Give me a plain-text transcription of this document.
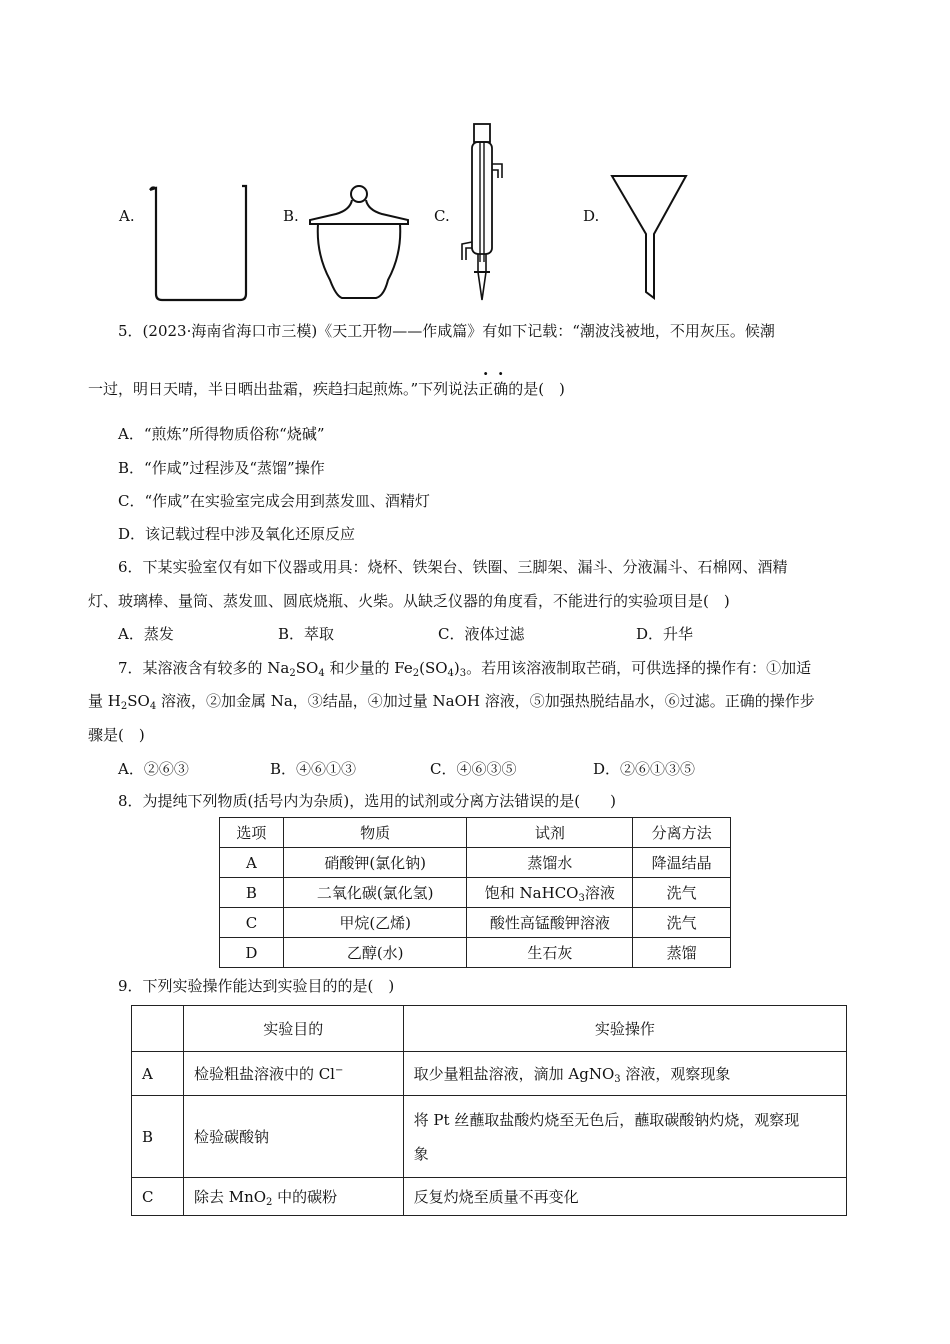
A.	B.	C.	D.
5．(2023·海南省海口市三模)《天工开物——作咸篇》有如下记载：“潮波浅被地，不用灰压。候潮
一过，明日天晴，半日晒出盐霜，疾趋扫起煎炼。”下列说法正确的是(　)
A．“煎炼”所得物质俗称“烧碱”
B．“作咸”过程涉及“蒸馏”操作
C．“作咸”在实验室完成会用到蒸发皿、酒精灯
D．该记载过程中涉及氧化还原反应
6．下某实验室仅有如下仪器或用具：烧杯、铁架台、铁圈、三脚架、漏斗、分液漏斗、石棉网、酒精
灯、玻璃棒、量筒、蒸发皿、圆底烧瓶、火柴。从缺乏仪器的角度看，不能进行的实验项目是(　)
A．蒸发	B．萃取	C．液体过滤	D．升华
7．某溶液含有较多的 $Na_2SO_4$ 和少量的 $Fe_2(SO_4)_3$。若用该溶液制取芒硝，可供选择的操作有：①加适
量 $H_2SO_4$ 溶液，②加金属 Na，③结晶，④加过量 NaOH 溶液，⑤加强热脱结晶水，⑥过滤。正确的操作步
骤是(　)
A．②⑥③	B．④⑥①③	C．④⑥③⑤	D．②⑥①③⑤
8．为提纯下列物质(括号内为杂质)，选用的试剂或分离方法错误的是(　　)
选项	物质	试剂	分离方法
A	硝酸钾(氯化钠)	蒸馏水	降温结晶
B	二氧化碳(氯化氢)	饱和 NaHCO$_3$溶液	洗气
C	甲烷(乙烯)	酸性高锰酸钾溶液	洗气
D	乙醇(水)	生石灰	蒸馏
9．下列实验操作能达到实验目的的是(　)
	实验目的	实验操作
A	检验粗盐溶液中的 Cl−	取少量粗盐溶液，滴加 AgNO$_3$ 溶液，观察现象
B	检验碳酸钠	将 Pt 丝蘸取盐酸灼烧至无色后，蘸取碳酸钠灼烧，观察现
象

C	除去 MnO$_2$ 中的碳粉	反复灼烧至质量不再变化
